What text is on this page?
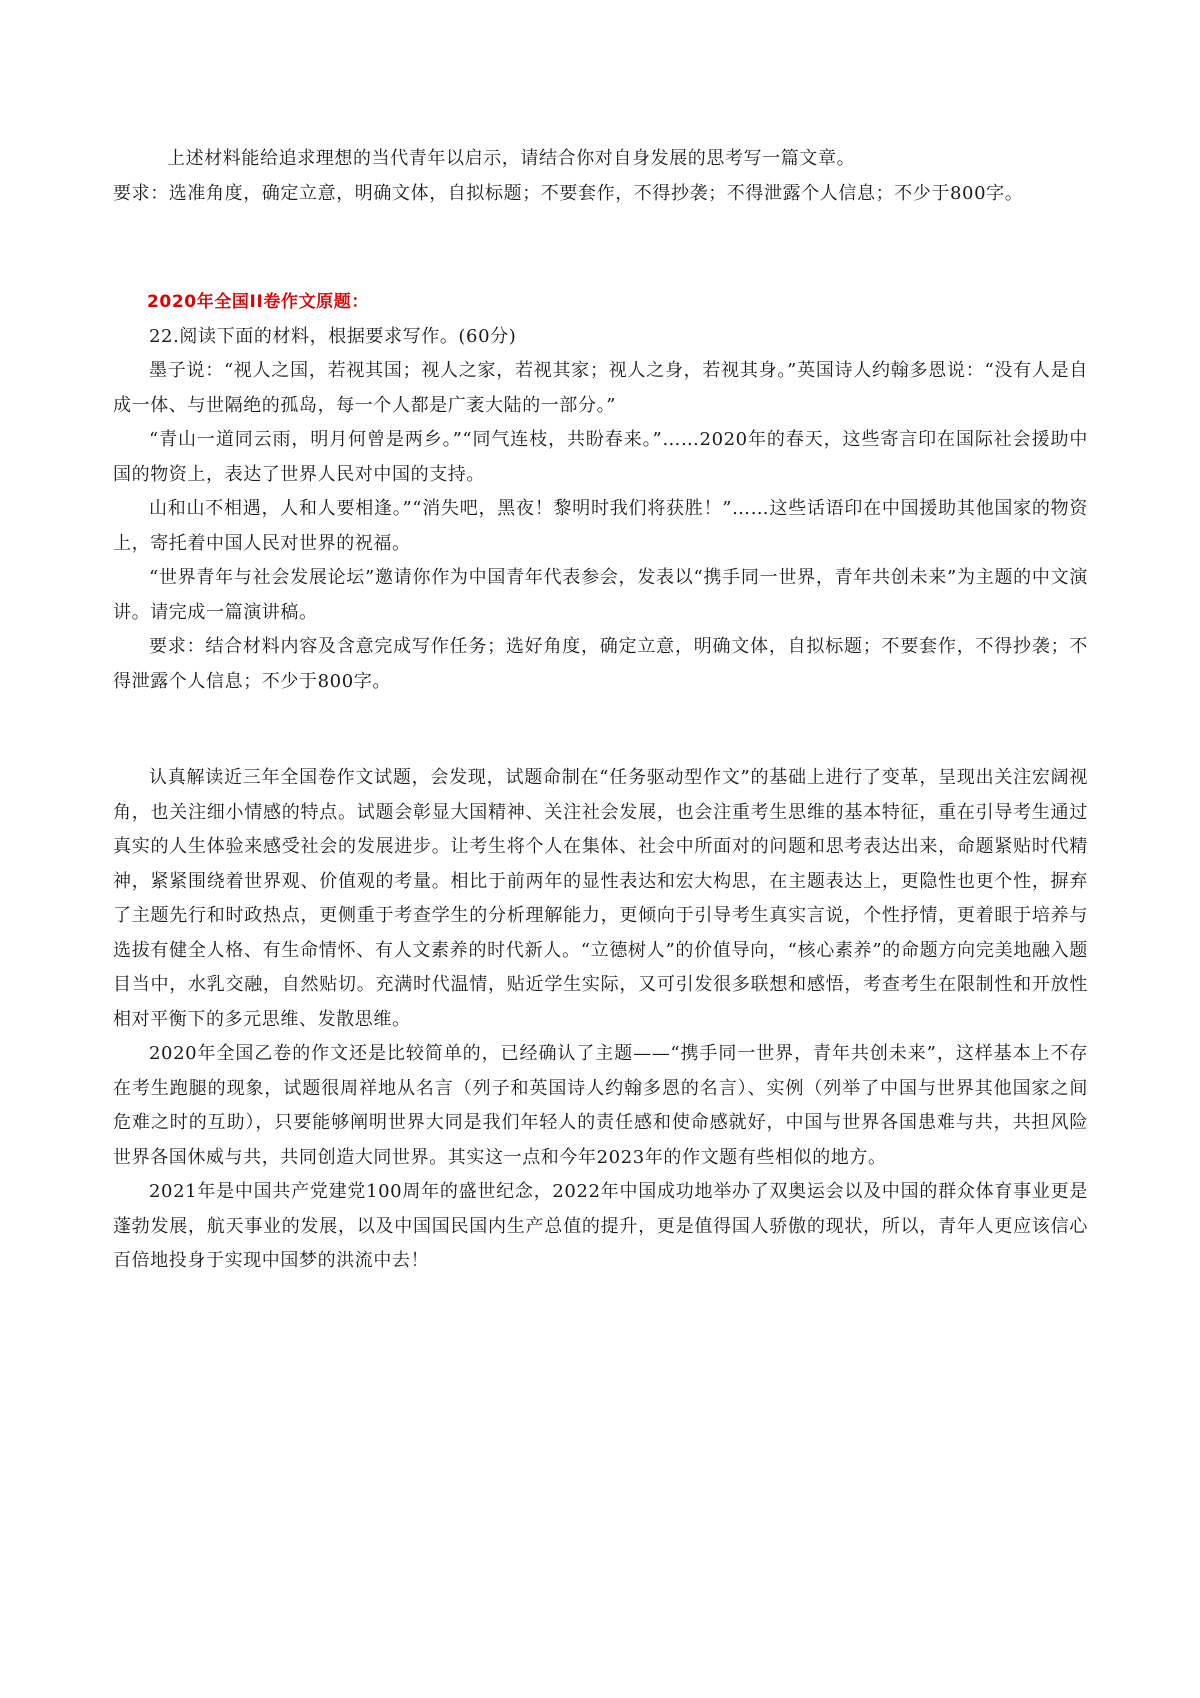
上述材料能给追求理想的当代青年以启示，请结合你对自身发展的思考写一篇文章。

要求：选准角度，确定立意，明确文体，自拟标题；不要套作，不得抄袭；不得泄露个人信息；不少于800字。

2020年全国II卷作文原题：

22.阅读下面的材料，根据要求写作。(60分)

墨子说：“视人之国，若视其国；视人之家，若视其家；视人之身，若视其身。”英国诗人约翰多恩说：“没有人是自成一体、与世隔绝的孤岛，每一个人都是广袤大陆的一部分。”

“青山一道同云雨，明月何曾是两乡。”“同气连枝，共盼春来。”……2020年的春天，这些寄言印在国际社会援助中国的物资上，表达了世界人民对中国的支持。

山和山不相遇，人和人要相逢。”“消失吧，黑夜！黎明时我们将获胜！”……这些话语印在中国援助其他国家的物资上，寄托着中国人民对世界的祝福。

“世界青年与社会发展论坛”邀请你作为中国青年代表参会，发表以“携手同一世界，青年共创未来”为主题的中文演讲。请完成一篇演讲稿。

要求：结合材料内容及含意完成写作任务；选好角度，确定立意，明确文体，自拟标题；不要套作，不得抄袭；不得泄露个人信息；不少于800字。

认真解读近三年全国卷作文试题，会发现，试题命制在“任务驱动型作文”的基础上进行了变革，呈现出关注宏阔视角，也关注细小情感的特点。试题会彰显大国精神、关注社会发展，也会注重考生思维的基本特征，重在引导考生通过真实的人生体验来感受社会的发展进步。让考生将个人在集体、社会中所面对的问题和思考表达出来，命题紧贴时代精神，紧紧围绕着世界观、价值观的考量。相比于前两年的显性表达和宏大构思，在主题表达上，更隐性也更个性，摒弃了主题先行和时政热点，更侧重于考查学生的分析理解能力，更倾向于引导考生真实言说，个性抒情，更着眼于培养与选拔有健全人格、有生命情怀、有人文素养的时代新人。“立德树人”的价值导向，“核心素养”的命题方向完美地融入题目当中，水乳交融，自然贴切。充满时代温情，贴近学生实际，又可引发很多联想和感悟，考查考生在限制性和开放性相对平衡下的多元思维、发散思维。

2020年全国乙卷的作文还是比较简单的，已经确认了主题——“携手同一世界，青年共创未来”，这样基本上不存在考生跑腿的现象，试题很周祥地从名言（列子和英国诗人约翰多恩的名言）、实例（列举了中国与世界其他国家之间危难之时的互助），只要能够阐明世界大同是我们年轻人的责任感和使命感就好，中国与世界各国患难与共，共担风险世界各国休威与共，共同创造大同世界。其实这一点和今年2023年的作文题有些相似的地方。

2021年是中国共产党建党100周年的盛世纪念，2022年中国成功地举办了双奥运会以及中国的群众体育事业更是蓬勃发展，航天事业的发展，以及中国国民国内生产总值的提升，更是值得国人骄傲的现状，所以，青年人更应该信心百倍地投身于实现中国梦的洪流中去！
